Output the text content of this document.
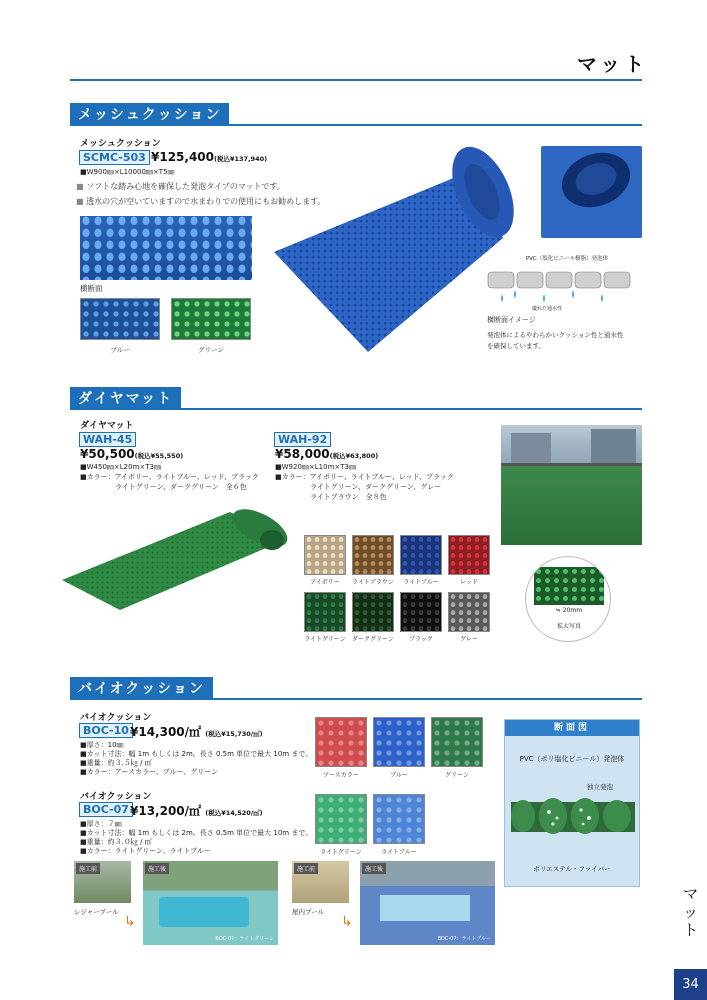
マット
メッシュクッション
メッシュクッション
SCMC-503 ¥125,400(税込¥137,940)
■W900㎜×L10000㎜×T5㎜
■ ソフトな踏み心地を確保した発泡タイプのマットです。
■ 透水の穴が空いていますので水まわりでの使用にもお勧めします。
横断面
ブルー	グリーン
PVC（塩化ビニール樹脂）発泡体
優れた通水性
横断面イメージ
発泡体によるやわらかいクッション性と通水性
を確保しています。
ダイヤマット
ダイヤマット
WAH-45
¥50,500(税込¥55,550)
■W450㎜×L20m×T3㎜
■カラー：アイボリー、ライトブルー、レッド、ブラック
　　　　　ライトグリーン、ダークグリーン　全６色
WAH-92
¥58,000(税込¥63,800)
■W920㎜×L10m×T3㎜
■カラー：アイボリー、ライトブルー、レッド、ブラック
　　　　　ライトグリーン、ダークグリーン、グレー
　　　　　ライトブラウン　全８色
アイボリー	ライトブラウン	ライトブルー	レッド
ライトグリーン	ダークグリーン	ブラック	グレー
≒ 20mm
拡大写真
バイオクッション
バイオクッション
BOC-10 ¥14,300/㎡ (税込¥15,730/㎡)
■厚さ：10㎜
■カット寸法：幅 1m もしくは 2m。長さ 0.5m 単位で最大 10m まで。
■重量：約３.５㎏ / ㎡
■カラー：アースカラー、ブルー、グリーン
バイオクッション
BOC-07 ¥13,200/㎡ (税込¥14,520/㎡)
■厚さ：７㎜
■カット寸法：幅 1m もしくは 2m。長さ 0.5m 単位で最大 10m まで。
■重量：約３.０㎏ / ㎡
■カラー：ライトグリーン、ライトブルー
アースカラー	ブルー	グリーン
ライトグリーン	ライトブルー
断面図
PVC（ポリ塩化ビニール）発泡体
独立発泡
ポリエステル・ファイバー
施工前
レジャープール
↳
施工後
BOC-07：ライトグリーン
施工前
屋内プール
↳
施工後
BOC-07：ライトブルー
マ
ッ
ト
34
